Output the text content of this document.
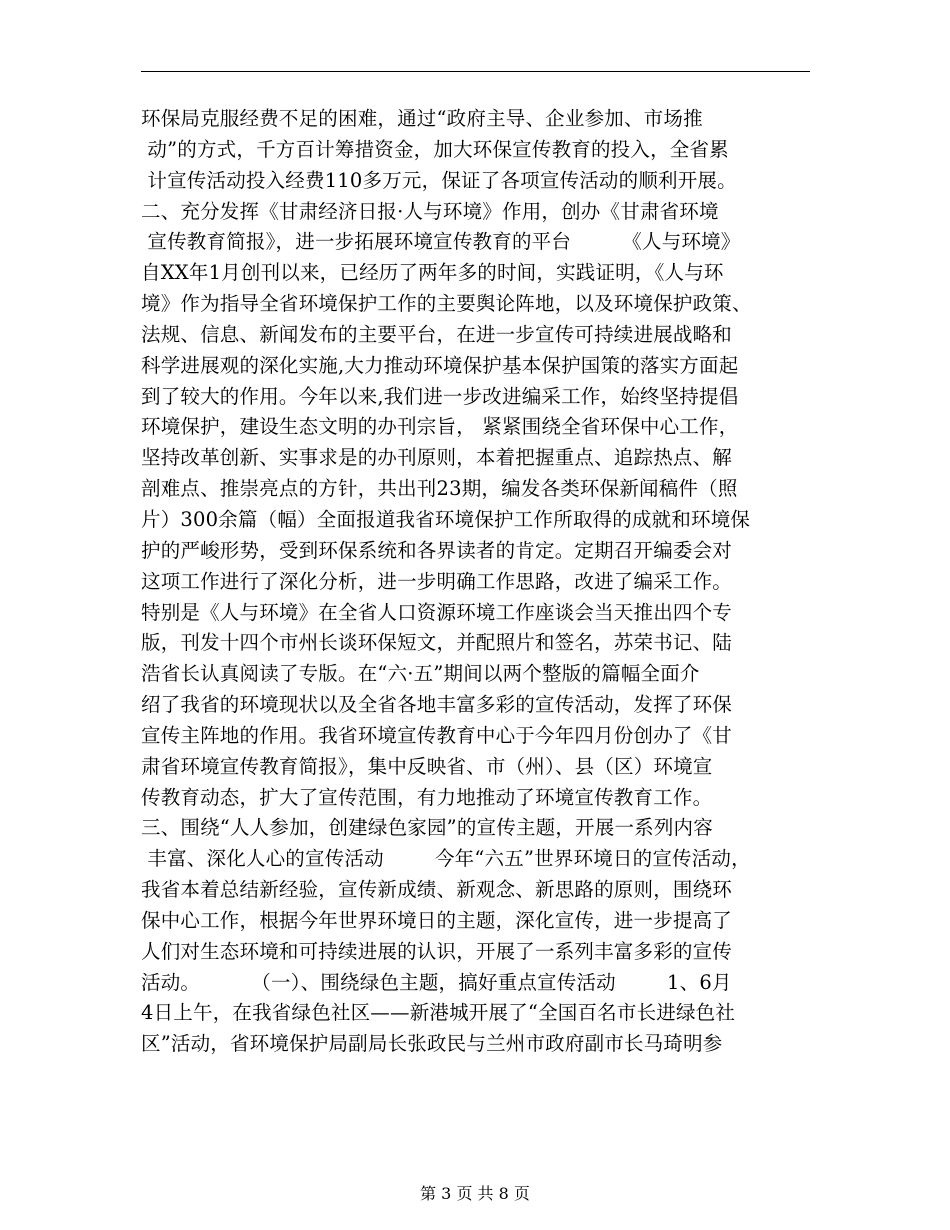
环保局克服经费不足的困难，通过“政府主导、企业参加、市场推
动”的方式，千方百计筹措资金，加大环保宣传教育的投入，全省累
计宣传活动投入经费110多万元，保证了各项宣传活动的顺利开展。
二、充分发挥《甘肃经济日报·人与环境》作用，创办《甘肃省环境
宣传教育简报》，进一步拓展环境宣传教育的平台        《人与环境》
自XX年1月创刊以来，已经历了两年多的时间，实践证明，《人与环
境》作为指导全省环境保护工作的主要舆论阵地，以及环境保护政策、
法规、信息、新闻发布的主要平台，在进一步宣传可持续进展战略和
科学进展观的深化实施,大力推动环境保护基本保护国策的落实方面起
到了较大的作用。今年以来,我们进一步改进编采工作，始终坚持提倡
环境保护，建设生态文明的办刊宗旨， 紧紧围绕全省环保中心工作，
坚持改革创新、实事求是的办刊原则，本着把握重点、追踪热点、解
剖难点、推崇亮点的方针，共出刊23期，编发各类环保新闻稿件（照
片）300余篇（幅）全面报道我省环境保护工作所取得的成就和环境保
护的严峻形势，受到环保系统和各界读者的肯定。定期召开编委会对
这项工作进行了深化分析，进一步明确工作思路，改进了编采工作。
特别是《人与环境》在全省人口资源环境工作座谈会当天推出四个专
版，刊发十四个市州长谈环保短文，并配照片和签名，苏荣书记、陆
浩省长认真阅读了专版。在“六·五”期间以两个整版的篇幅全面介
绍了我省的环境现状以及全省各地丰富多彩的宣传活动，发挥了环保
宣传主阵地的作用。我省环境宣传教育中心于今年四月份创办了《甘
肃省环境宣传教育简报》，集中反映省、市（州）、县（区）环境宣
传教育动态，扩大了宣传范围，有力地推动了环境宣传教育工作。
三、围绕“人人参加，创建绿色家园”的宣传主题，开展一系列内容
丰富、深化人心的宣传活动        今年“六五”世界环境日的宣传活动，
我省本着总结新经验，宣传新成绩、新观念、新思路的原则，围绕环
保中心工作，根据今年世界环境日的主题，深化宣传，进一步提高了
人们对生态环境和可持续进展的认识，开展了一系列丰富多彩的宣传
活动。        （一）、围绕绿色主题，搞好重点宣传活动        1、6月
4日上午，在我省绿色社区——新港城开展了“全国百名市长进绿色社
区”活动，省环境保护局副局长张政民与兰州市政府副市长马琦明参
第 3 页 共 8 页
